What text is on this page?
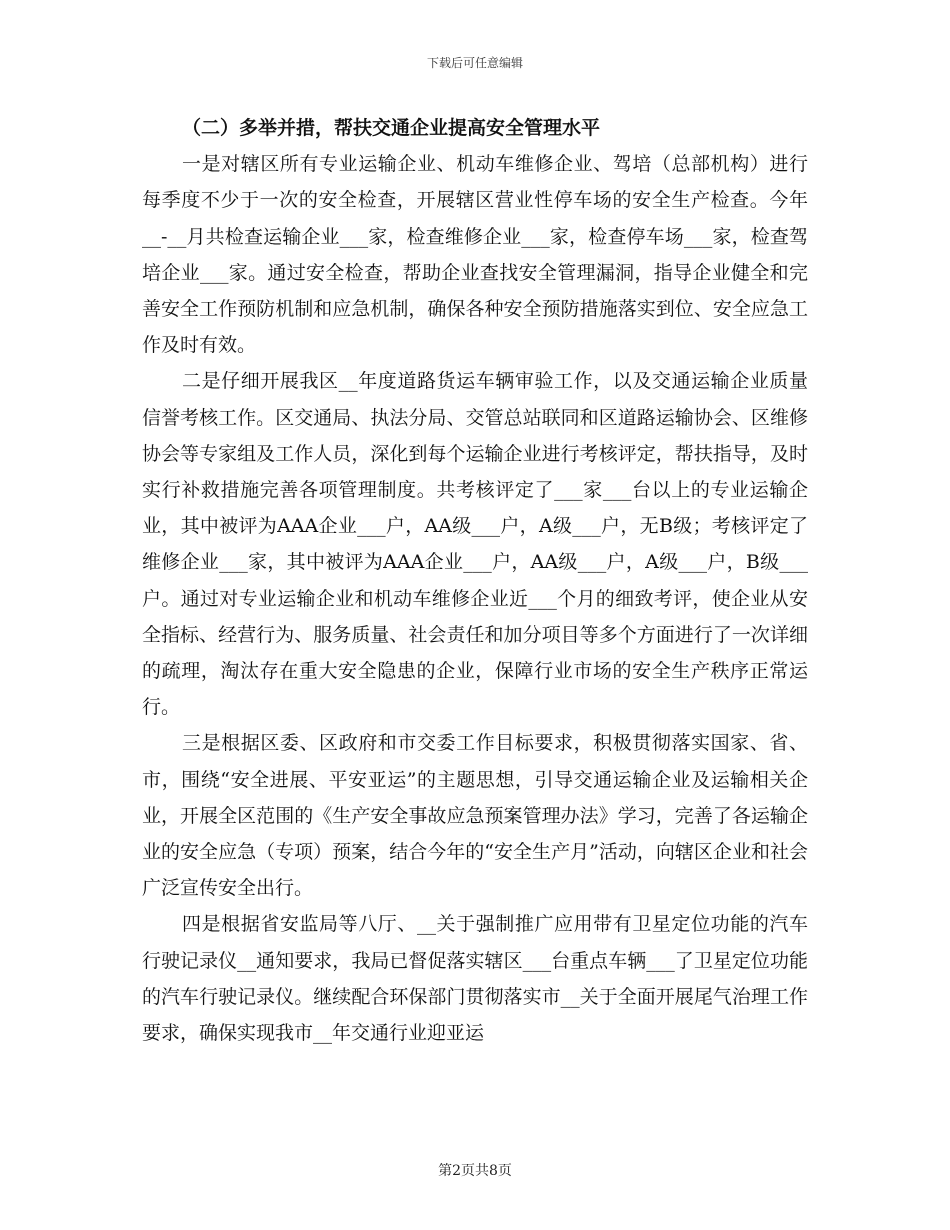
下载后可任意编辑

（二）多举并措，帮扶交通企业提高安全管理水平

一是对辖区所有专业运输企业、机动车维修企业、驾培（总部机构）进行每季度不少于一次的安全检查，开展辖区营业性停车场的安全生产检查。今年__-__月共检查运输企业___家，检查维修企业___家，检查停车场___家，检查驾培企业___家。通过安全检查，帮助企业查找安全管理漏洞，指导企业健全和完善安全工作预防机制和应急机制，确保各种安全预防措施落实到位、安全应急工作及时有效。

二是仔细开展我区__年度道路货运车辆审验工作，以及交通运输企业质量信誉考核工作。区交通局、执法分局、交管总站联同和区道路运输协会、区维修协会等专家组及工作人员，深化到每个运输企业进行考核评定，帮扶指导，及时实行补救措施完善各项管理制度。共考核评定了___家___台以上的专业运输企业，其中被评为AAA企业___户，AA级___户，A级___户，无B级；考核评定了维修企业___家，其中被评为AAA企业___户，AA级___户，A级___户，B级___户。通过对专业运输企业和机动车维修企业近___个月的细致考评，使企业从安全指标、经营行为、服务质量、社会责任和加分项目等多个方面进行了一次详细的疏理，淘汰存在重大安全隐患的企业，保障行业市场的安全生产秩序正常运行。

三是根据区委、区政府和市交委工作目标要求，积极贯彻落实国家、省、市，围绕“安全进展、平安亚运”的主题思想，引导交通运输企业及运输相关企业，开展全区范围的《生产安全事故应急预案管理办法》学习，完善了各运输企业的安全应急（专项）预案，结合今年的“安全生产月”活动，向辖区企业和社会广泛宣传安全出行。

四是根据省安监局等八厅、__关于强制推广应用带有卫星定位功能的汽车行驶记录仪__通知要求，我局已督促落实辖区___台重点车辆___了卫星定位功能的汽车行驶记录仪。继续配合环保部门贯彻落实市__关于全面开展尾气治理工作要求，确保实现我市__年交通行业迎亚运

第2页共8页
